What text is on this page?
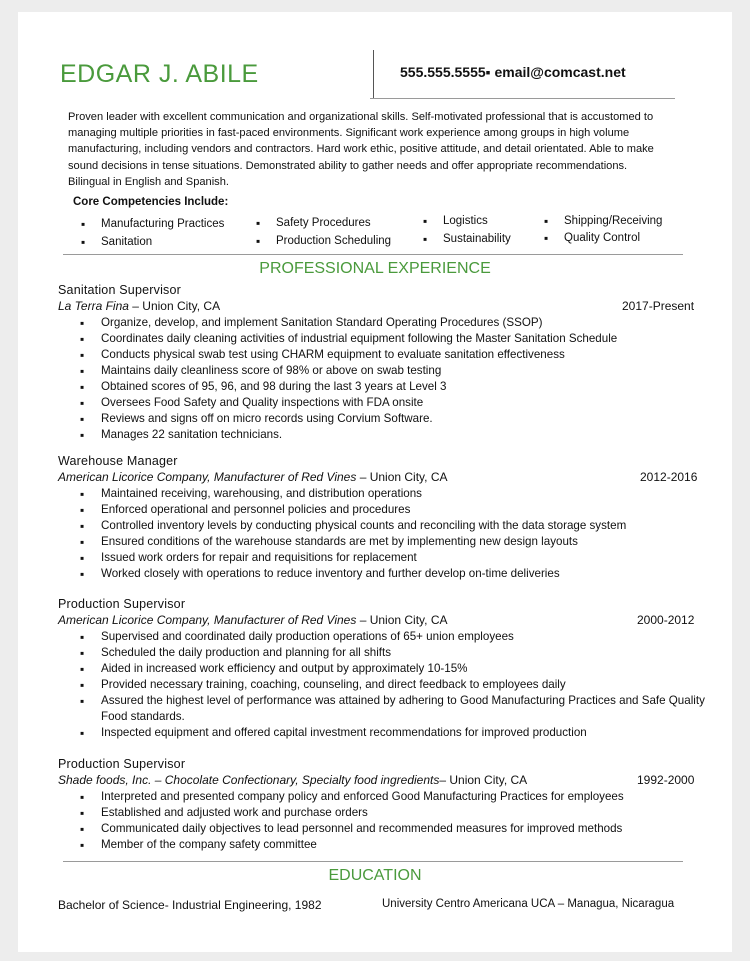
EDGAR J. ABILE	555.555.5555▪ email@comcast.net
Proven leader with excellent communication and organizational skills. Self-motivated professional that is accustomed to managing multiple priorities in fast-paced environments. Significant work experience among groups in high volume manufacturing, including vendors and contractors. Hard work ethic, positive attitude, and detail orientated. Able to make sound decisions in tense situations. Demonstrated ability to gather needs and offer appropriate recommendations. Bilingual in English and Spanish.
Core Competencies Include:
▪ Manufacturing Practices
▪ Sanitation
▪ Safety Procedures
▪ Production Scheduling
▪ Logistics
▪ Sustainability
▪ Shipping/Receiving
▪ Quality Control
PROFESSIONAL EXPERIENCE
Sanitation Supervisor
La Terra Fina – Union City, CA	2017-Present
▪ Organize, develop, and implement Sanitation Standard Operating Procedures (SSOP)
▪ Coordinates daily cleaning activities of industrial equipment following the Master Sanitation Schedule
▪ Conducts physical swab test using CHARM equipment to evaluate sanitation effectiveness
▪ Maintains daily cleanliness score of 98% or above on swab testing
▪ Obtained scores of 95, 96, and 98 during the last 3 years at Level 3
▪ Oversees Food Safety and Quality inspections with FDA onsite
▪ Reviews and signs off on micro records using Corvium Software.
▪ Manages 22 sanitation technicians.
Warehouse Manager
American Licorice Company, Manufacturer of Red Vines – Union City, CA	2012-2016
▪ Maintained receiving, warehousing, and distribution operations
▪ Enforced operational and personnel policies and procedures
▪ Controlled inventory levels by conducting physical counts and reconciling with the data storage system
▪ Ensured conditions of the warehouse standards are met by implementing new design layouts
▪ Issued work orders for repair and requisitions for replacement
▪ Worked closely with operations to reduce inventory and further develop on-time deliveries
Production Supervisor
American Licorice Company, Manufacturer of Red Vines – Union City, CA	2000-2012
▪ Supervised and coordinated daily production operations of 65+ union employees
▪ Scheduled the daily production and planning for all shifts
▪ Aided in increased work efficiency and output by approximately 10-15%
▪ Provided necessary training, coaching, counseling, and direct feedback to employees daily
▪ Assured the highest level of performance was attained by adhering to Good Manufacturing Practices and Safe Quality Food standards.
▪ Inspected equipment and offered capital investment recommendations for improved production
Production Supervisor
Shade foods, Inc. – Chocolate Confectionary, Specialty food ingredients– Union City, CA	1992-2000
▪ Interpreted and presented company policy and enforced Good Manufacturing Practices for employees
▪ Established and adjusted work and purchase orders
▪ Communicated daily objectives to lead personnel and recommended measures for improved methods
▪ Member of the company safety committee
EDUCATION
Bachelor of Science- Industrial Engineering, 1982	University Centro Americana UCA – Managua, Nicaragua
